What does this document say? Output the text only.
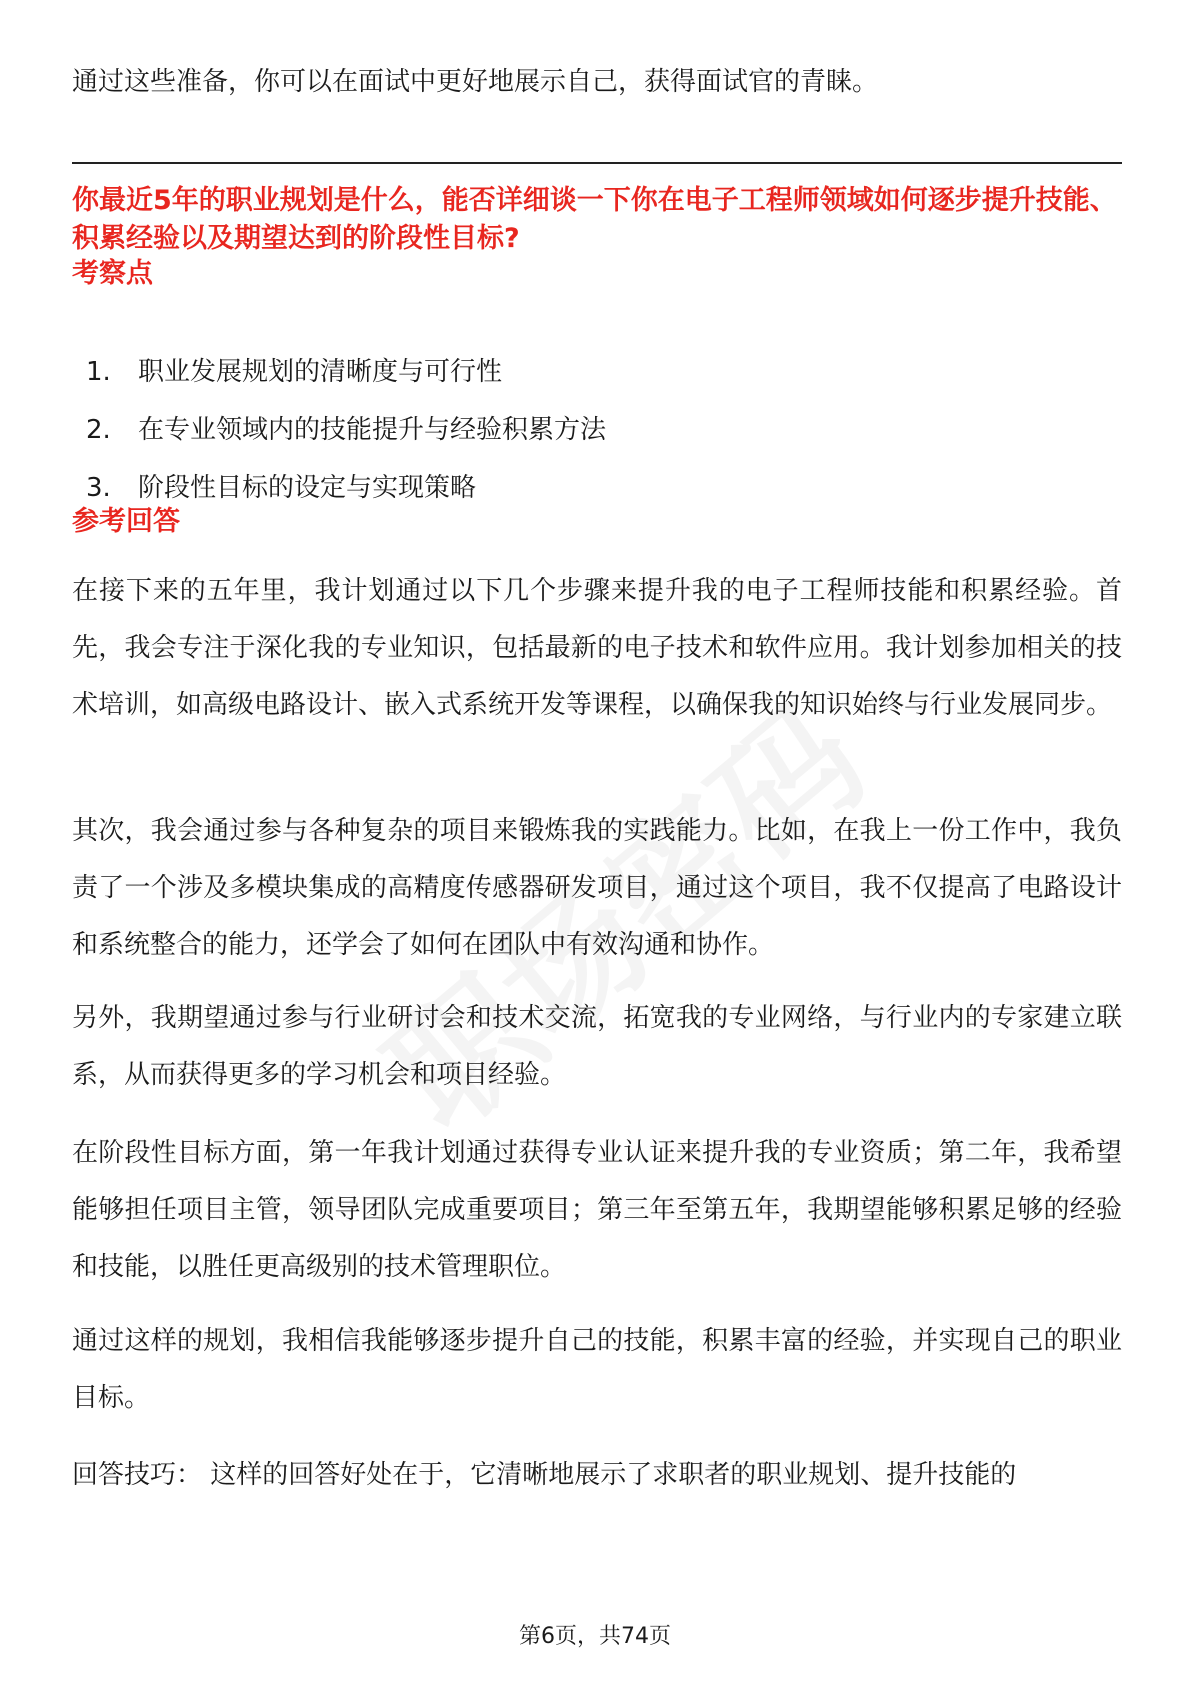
通过这些准备，你可以在面试中更好地展示自己，获得面试官的青睐。

你最近5年的职业规划是什么，能否详细谈一下你在电子工程师领域如何逐步提升技能、积累经验以及期望达到的阶段性目标?

考察点

1.	职业发展规划的清晰度与可行性
2.	在专业领域内的技能提升与经验积累方法
3.	阶段性目标的设定与实现策略

参考回答

在接下来的五年里，我计划通过以下几个步骤来提升我的电子工程师技能和积累经验。首先，我会专注于深化我的专业知识，包括最新的电子技术和软件应用。我计划参加相关的技术培训，如高级电路设计、嵌入式系统开发等课程，以确保我的知识始终与行业发展同步。

其次，我会通过参与各种复杂的项目来锻炼我的实践能力。比如，在我上一份工作中，我负责了一个涉及多模块集成的高精度传感器研发项目，通过这个项目，我不仅提高了电路设计和系统整合的能力，还学会了如何在团队中有效沟通和协作。

另外，我期望通过参与行业研讨会和技术交流，拓宽我的专业网络，与行业内的专家建立联系，从而获得更多的学习机会和项目经验。

在阶段性目标方面，第一年我计划通过获得专业认证来提升我的专业资质；第二年，我希望能够担任项目主管，领导团队完成重要项目；第三年至第五年，我期望能够积累足够的经验和技能，以胜任更高级别的技术管理职位。

通过这样的规划，我相信我能够逐步提升自己的技能，积累丰富的经验，并实现自己的职业目标。

回答技巧： 这样的回答好处在于，它清晰地展示了求职者的职业规划、提升技能的

第6页，共74页
